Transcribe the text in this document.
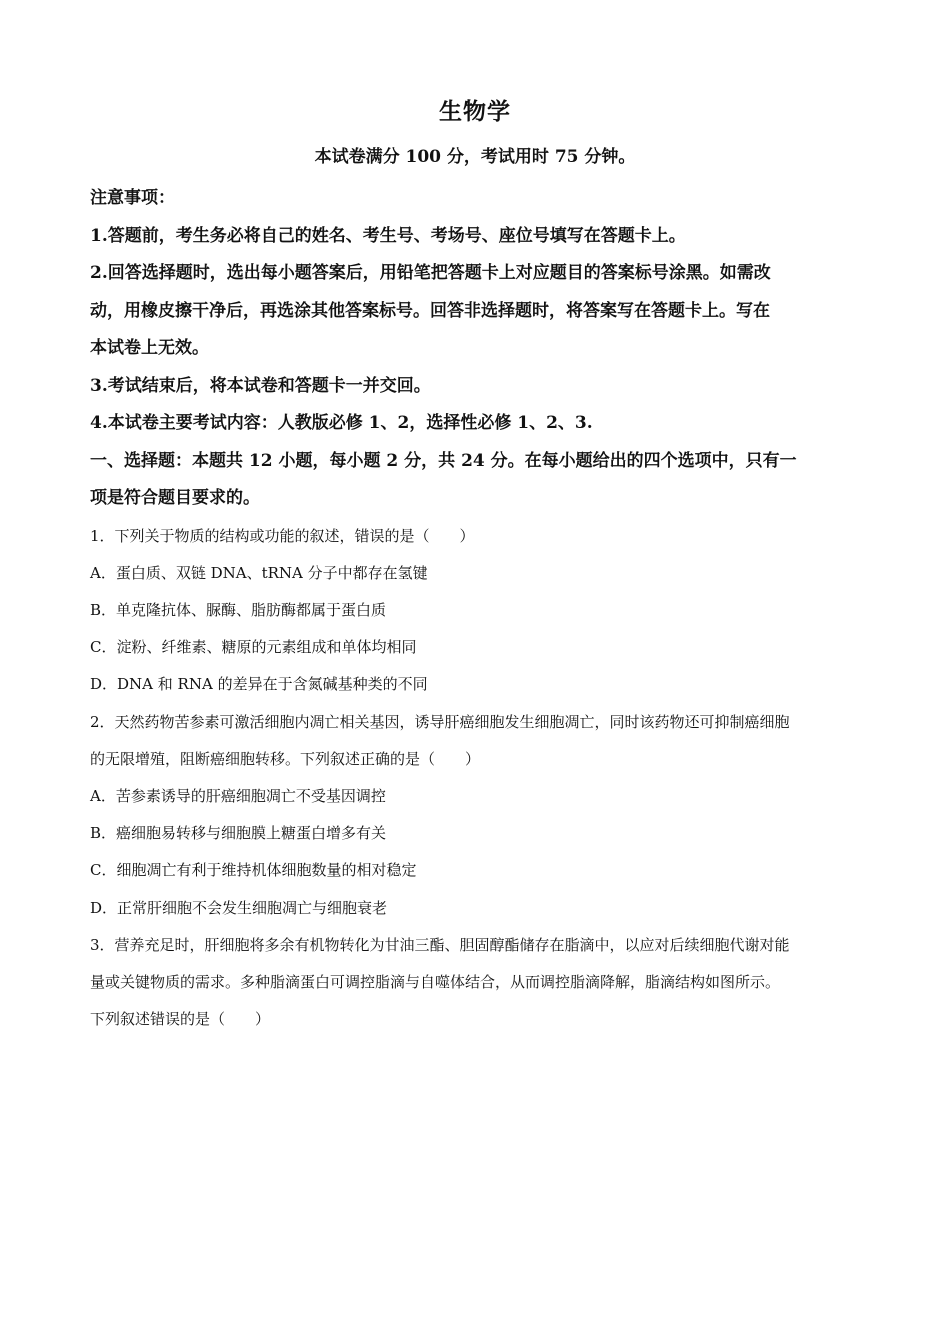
生物学
本试卷满分 100 分，考试用时 75 分钟。

注意事项：

1.答题前，考生务必将自己的姓名、考生号、考场号、座位号填写在答题卡上。

2.回答选择题时，选出每小题答案后，用铅笔把答题卡上对应题目的答案标号涂黑。如需改
动，用橡皮擦干净后，再选涂其他答案标号。回答非选择题时，将答案写在答题卡上。写在
本试卷上无效。

3.考试结束后，将本试卷和答题卡一并交回。

4.本试卷主要考试内容：人教版必修 1、2，选择性必修 1、2、3.

一、选择题：本题共 12 小题，每小题 2 分，共 24 分。在每小题给出的四个选项中，只有一
项是符合题目要求的。

1．下列关于物质的结构或功能的叙述，错误的是（　　）

A．蛋白质、双链 DNA、tRNA 分子中都存在氢键

B．单克隆抗体、脲酶、脂肪酶都属于蛋白质

C．淀粉、纤维素、糖原的元素组成和单体均相同

D．DNA 和 RNA 的差异在于含氮碱基种类的不同

2．天然药物苦参素可激活细胞内凋亡相关基因，诱导肝癌细胞发生细胞凋亡，同时该药物还可抑制癌细胞
的无限增殖，阻断癌细胞转移。下列叙述正确的是（　　）

A．苦参素诱导的肝癌细胞凋亡不受基因调控

B．癌细胞易转移与细胞膜上糖蛋白增多有关

C．细胞凋亡有利于维持机体细胞数量的相对稳定

D．正常肝细胞不会发生细胞凋亡与细胞衰老

3．营养充足时，肝细胞将多余有机物转化为甘油三酯、胆固醇酯储存在脂滴中，以应对后续细胞代谢对能
量或关键物质的需求。多种脂滴蛋白可调控脂滴与自噬体结合，从而调控脂滴降解，脂滴结构如图所示。
下列叙述错误的是（　　）
